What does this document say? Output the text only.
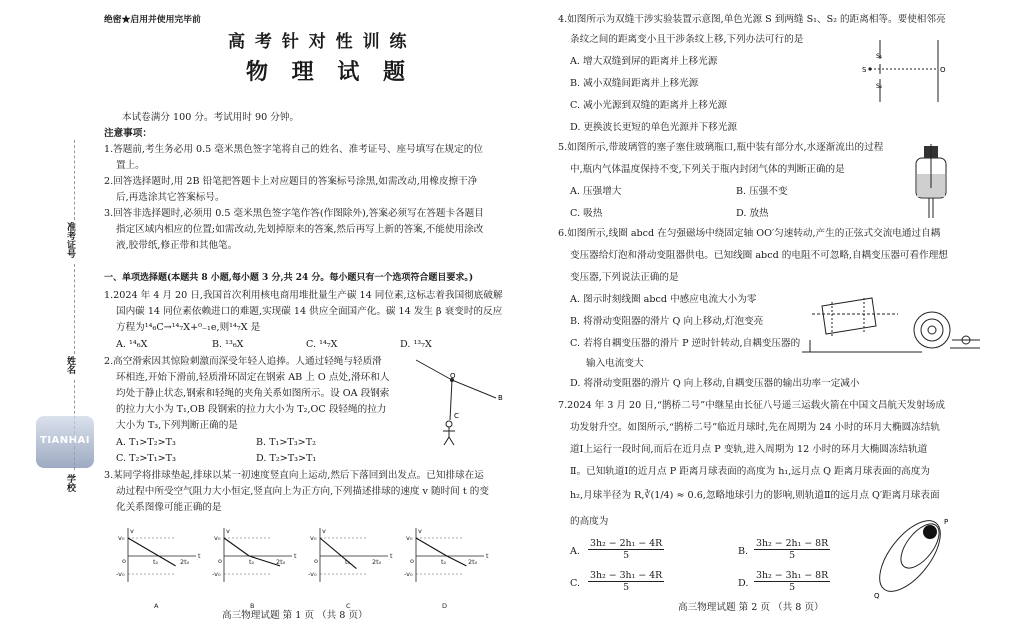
绝密★启用并使用完毕前
高 考 针 对 性 训 练
物 理 试 题
本试卷满分 100 分。考试用时 90 分钟。
注意事项：
1.答题前,考生务必用 0.5 毫米黑色签字笔将自己的姓名、准考证号、座号填写在规定的位
置上。
2.回答选择题时,用 2B 铅笔把答题卡上对应题目的答案标号涂黑,如需改动,用橡皮擦干净
后,再选涂其它答案标号。
3.回答非选择题时,必须用 0.5 毫米黑色签字笔作答(作图除外),答案必须写在答题卡各题目
指定区域内相应的位置;如需改动,先划掉原来的答案,然后再写上新的答案,不能使用涂改
液,胶带纸,修正带和其他笔。
准考证号
姓名
学校
TIANHAI
一、单项选择题(本题共 8 小题,每小题 3 分,共 24 分。每小题只有一个选项符合题目要求。)
1.2024 年 4 月 20 日,我国首次利用核电商用堆批量生产碳 14 同位素,这标志着我国彻底破解
国内碳 14 同位素依赖进口的难题,实现碳 14 供应全面国产化。碳 14 发生 β 衰变时的反应
方程为¹⁴₆C→¹⁴₇X+⁰₋₁e,则¹⁴₇X 是
A. ¹⁴₆X	B. ¹³₆X	C. ¹⁴₇X	D. ¹³₇X
2.高空滑索因其惊险刺激而深受年轻人追捧。人通过轻绳与轻质滑
环相连,开始下滑前,轻质滑环固定在钢索 AB 上 O 点处,滑环和人
均处于静止状态,钢索和轻绳的夹角关系如图所示。设 OA 段钢索
的拉力大小为 T₁,OB 段钢索的拉力大小为 T₂,OC 段轻绳的拉力
大小为 T₃,下列判断正确的是
A. T₁>T₂>T₃	B. T₁>T₃>T₂
C. T₂>T₁>T₃	D. T₂>T₃>T₁
O
B
C
3.某同学将排球垫起,排球以某一初速度竖直向上运动,然后下落回到出发点。已知排球在运
动过程中所受空气阻力大小恒定,竖直向上为正方向,下列描述排球的速度 v 随时间 t 的变
化关系图像可能正确的是
v₀
-v₀
v
t
o	t₀	2t₀
A
v₀
-v₀
v
t
o	t₀	2t₀
B
v₀
-v₀
v
t
o	t₀	2t₀
C
v₀
-v₀
v
t
o	t₀	2t₀
D
高三物理试题 第 1 页 （共 8 页）
4.如图所示为双缝干涉实验装置示意图,单色光源 S 到两缝 S₁、S₂ 的距离相等。要使相邻亮
条纹之间的距离变小且干涉条纹上移,下列办法可行的是
A. 增大双缝到屏的距离并上移光源
B. 减小双缝间距离并上移光源
C. 减小光源到双缝的距离并上移光源
D. 更换波长更短的单色光源并下移光源
S
S₁
S₂
O
5.如图所示,带玻璃管的塞子塞住玻璃瓶口,瓶中装有部分水,水逐渐流出的过程
中,瓶内气体温度保持不变,下列关于瓶内封闭气体的判断正确的是
A. 压强增大	B. 压强不变
C. 吸热	D. 放热
6.如图所示,线圈 abcd 在匀强磁场中绕固定轴 OO′匀速转动,产生的正弦式交流电通过自耦
变压器给灯泡和滑动变阻器供电。已知线圈 abcd 的电阻不可忽略,自耦变压器可看作理想
变压器,下列说法正确的是
A. 图示时刻线圈 abcd 中感应电流大小为零
B. 将滑动变阻器的滑片 Q 向上移动,灯泡变亮
C. 若将自耦变压器的滑片 P 逆时针转动,自耦变压器的
输入电流变大
D. 将滑动变阻器的滑片 Q 向上移动,自耦变压器的输出功率一定减小
7.2024 年 3 月 20 日,“鹊桥二号”中继星由长征八号遥三运载火箭在中国文昌航天发射场成
功发射升空。如图所示,“鹊桥二号”临近月球时,先在周期为 24 小时的环月大椭圆冻结轨
道Ⅰ上运行一段时间,而后在近月点 P 变轨,进入周期为 12 小时的环月大椭圆冻结轨道
Ⅱ。已知轨道Ⅰ的近月点 P 距离月球表面的高度为 h₁,远月点 Q 距离月球表面的高度为
h₂,月球半径为 R,∛(1/4) ≈ 0.6,忽略地球引力的影响,则轨道Ⅱ的远月点 Q′距离月球表面
的高度为
A. $\frac{\text{3h₂ − 2h₁ − 4R}}{5}$	B. $\frac{\text{3h₂ − 2h₁ − 8R}}{5}$
C. $\frac{\text{3h₂ − 3h₁ − 4R}}{5}$	D. $\frac{\text{3h₂ − 3h₁ − 8R}}{5}$
P
Q
高三物理试题 第 2 页 （共 8 页）
